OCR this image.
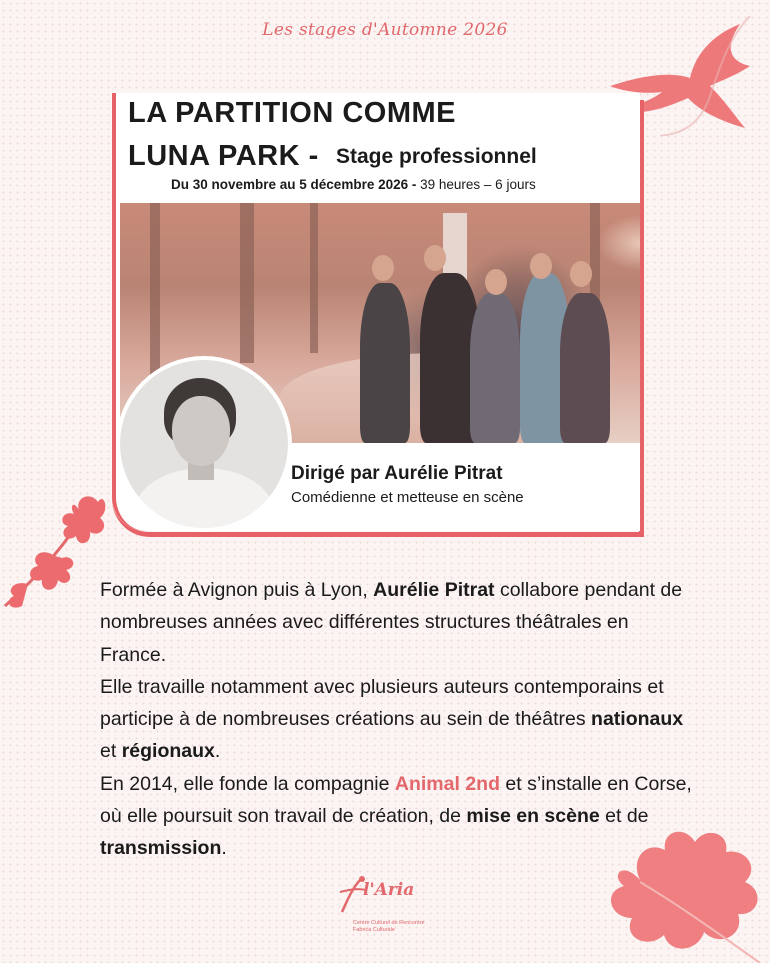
Les stages d'Automne 2026
LA PARTITION COMME
LUNA PARK - Stage professionnel
Du 30 novembre au 5 décembre 2026 - 39 heures – 6 jours
Dirigé par Aurélie Pitrat
Comédienne et metteuse en scène
Formée à Avignon puis à Lyon, Aurélie Pitrat collabore pendant de nombreuses années avec différentes structures théâtrales en France.
Elle travaille notamment avec plusieurs auteurs contemporains et participe à de nombreuses créations au sein de théâtres nationaux et régionaux.
En 2014, elle fonde la compagnie Animal 2nd et s’installe en Corse, où elle poursuit son travail de création, de mise en scène et de transmission.
l'Aria
Centre Culturel de Rencontre
Fabrica Culturale
